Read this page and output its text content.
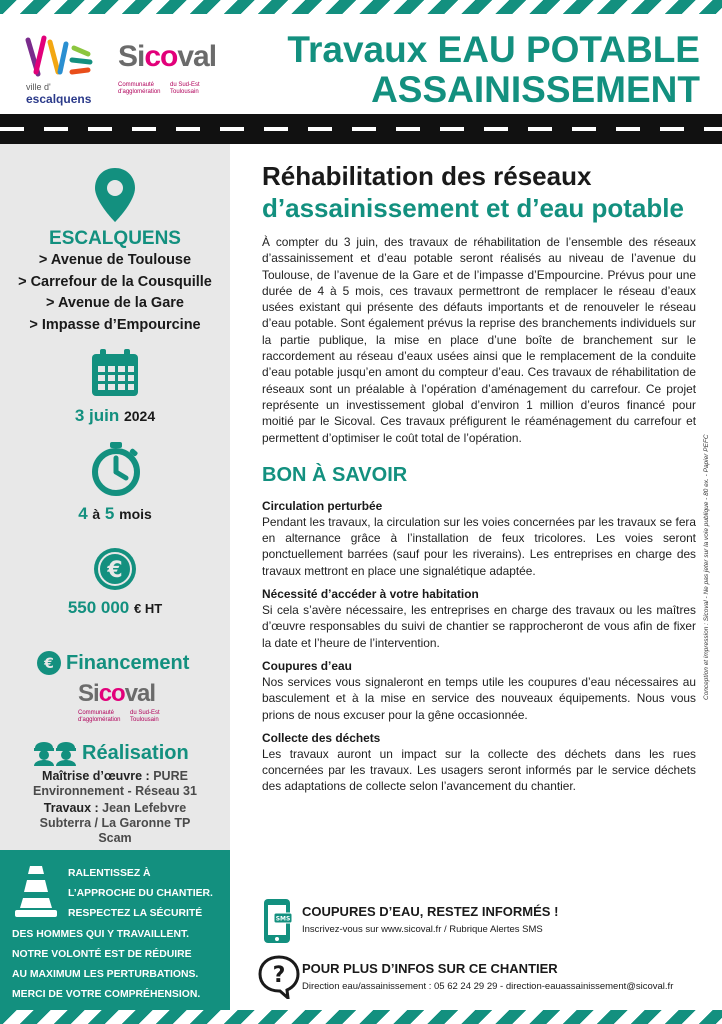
ville d'
escalquens
Sicoval
Communauté d'agglomération
du Sud-Est Toulousain
Travaux EAU POTABLE
ASSAINISSEMENT
ESCALQUENS
> Avenue de Toulouse
> Carrefour de la Cousquille
> Avenue de la Gare
> Impasse d’Empourcine
3 juin 2024
4 à 5 mois
€
550 000 € HT
€ Financement
Sicoval
Communauté d'agglomération
du Sud-Est Toulousain
Réalisation
Maîtrise d’œuvre : PURE
Environnement - Réseau 31
Travaux : Jean Lefebvre
Subterra / La Garonne TP
Scam
RALENTISSEZ À
L’APPROCHE DU CHANTIER.
RESPECTEZ LA SÉCURITÉ
DES HOMMES QUI Y TRAVAILLENT.
NOTRE VOLONTÉ EST DE RÉDUIRE
AU MAXIMUM LES PERTURBATIONS.
MERCI DE VOTRE COMPRÉHENSION.
Réhabilitation des réseaux
d’assainissement et d’eau potable

À compter du 3 juin, des travaux de réhabilitation de l’ensemble des réseaux d’assainissement et d’eau potable seront réalisés au niveau de l’avenue du Toulouse, de l’avenue de la Gare et de l’impasse d’Empourcine. Prévus pour une durée de 4 à 5 mois, ces travaux permettront de remplacer le réseau d’eaux usées existant qui présente des défauts importants et de renouveler le réseau d’eau potable. Sont également prévus la reprise des branchements individuels sur la partie publique, la mise en place d’une boîte de branchement sur le raccordement au réseau d’eaux usées ainsi que le remplacement de la conduite d’eau potable jusqu’en amont du compteur d’eau. Ces travaux de réhabilitation de réseaux sont un préalable à l’opération d’aménagement du carrefour. Ce projet représente un investissement global d’environ 1 million d’euros financé pour moitié par le Sicoval. Ces travaux préfigurent le réaménagement du carrefour et permettent d’optimiser le coût total de l’opération.

BON À SAVOIR
Circulation perturbée

Pendant les travaux, la circulation sur les voies concernées par les travaux se fera en alternance grâce à l’installation de feux tricolores. Les voies seront ponctuellement barrées (sauf pour les riverains). Les entreprises en charge des travaux mettront en place une signalétique adaptée.

Nécessité d’accéder à votre habitation

Si cela s’avère nécessaire, les entreprises en charge des travaux ou les maîtres d’œuvre responsables du suivi de chantier se rapprocheront de vous afin de fixer la date et l’heure de l’intervention.

Coupures d’eau

Nos services vous signaleront en temps utile les coupures d’eau nécessaires au basculement et à la mise en service des nouveaux équipements. Nous vous prions de nous excuser pour la gêne occasionnée.

Collecte des déchets

Les travaux auront un impact sur la collecte des déchets dans les rues concernées par les travaux. Les usagers seront informés par le service déchets des adaptations de collecte selon l’avancement du chantier.

SMS COUPURES D’EAU, RESTEZ INFORMÉS !
Inscrivez-vous sur www.sicoval.fr / Rubrique Alertes SMS
? POUR PLUS D’INFOS SUR CE CHANTIER
Direction eau/assainissement : 05 62 24 29 29 - direction-eauassainissement@sicoval.fr
Conception et impression : Sicoval - Ne pas jeter sur la voie publique - 80 ex. - Papier PEFC
